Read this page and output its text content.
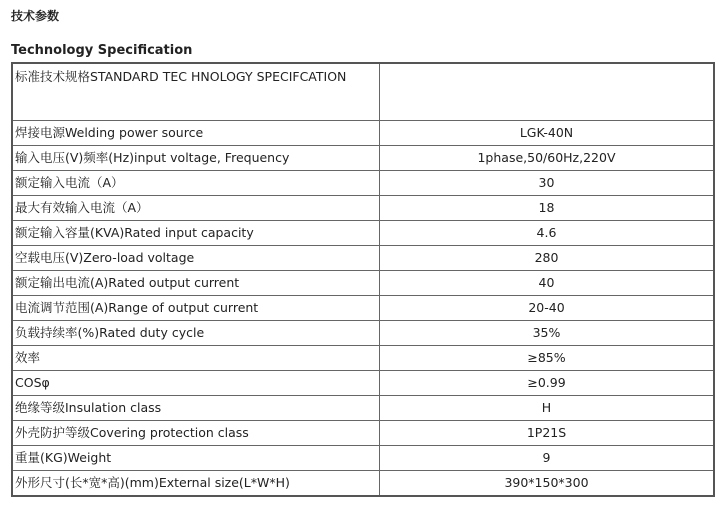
技术参数
Technology Specification
标准技术规格STANDARD TEC HNOLOGY SPECIFCATION	
焊接电源Welding power source	LGK-40N
输入电压(V)频率(Hz)input voltage, Frequency	1phase,50/60Hz,220V
额定输入电流（A）	30
最大有效输入电流（A）	18
额定输入容量(KVA)Rated input capacity	4.6
空载电压(V)Zero-load voltage	280
额定输出电流(A)Rated output current	40
电流调节范围(A)Range of output current	20-40
负载持续率(%)Rated duty cycle	35%
效率	≥85%
COSφ	≥0.99
绝缘等级Insulation class	H
外壳防护等级Covering protection class	1P21S
重量(KG)Weight	9
外形尺寸(长*宽*高)(mm)External size(L*W*H)	390*150*300
